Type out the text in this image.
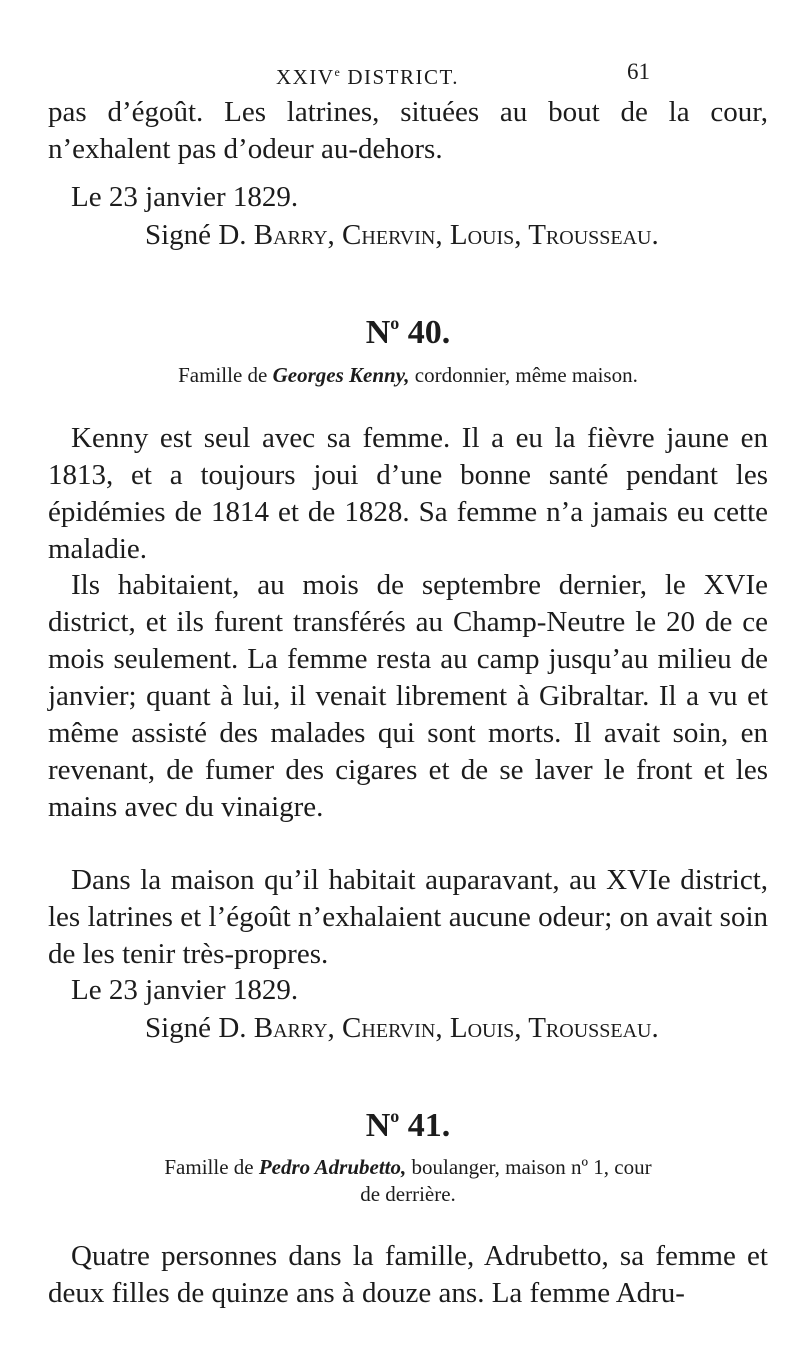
XXIVe DISTRICT.	61

pas d’égoût. Les latrines, situées au bout de la cour, n’exhalent pas d’odeur au-dehors.

Le 23 janvier 1829.

Signé D. Barry, Chervin, Louis, Trousseau.

$N^o$ 40.
Famille de Georges Kenny, cordonnier, même maison.

Kenny est seul avec sa femme. Il a eu la fièvre jaune en 1813, et a toujours joui d’une bonne santé pendant les épidémies de 1814 et de 1828. Sa femme n’a jamais eu cette maladie.

Ils habitaient, au mois de septembre dernier, le XVIe district, et ils furent transférés au Champ-Neutre le 20 de ce mois seulement. La femme resta au camp jusqu’au milieu de janvier; quant à lui, il venait librement à Gibraltar. Il a vu et même assisté des malades qui sont morts. Il avait soin, en revenant, de fumer des cigares et de se laver le front et les mains avec du vinaigre.

Dans la maison qu’il habitait auparavant, au XVIe district, les latrines et l’égoût n’exhalaient aucune odeur; on avait soin de les tenir très-propres.

Le 23 janvier 1829.

Signé D. Barry, Chervin, Louis, Trousseau.

$N^o$ 41.
Famille de Pedro Adrubetto, boulanger, maison nº 1, cour
de derrière.

Quatre personnes dans la famille, Adrubetto, sa femme et deux filles de quinze ans à douze ans. La femme Adru-
